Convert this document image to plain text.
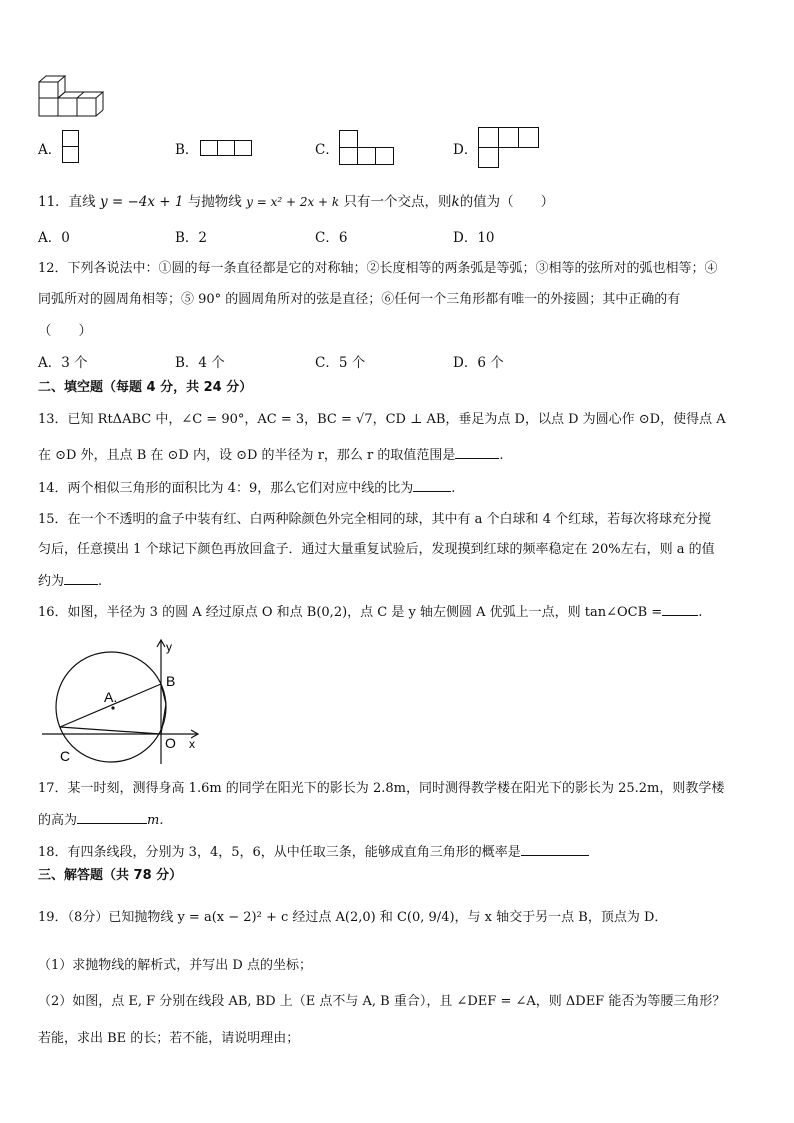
A．	B．	C．	D．
11．直线 y = −4x + 1 与抛物线 y = x² + 2x + k 只有一个交点，则k的值为（　　）
A．0	B．2	C．6	D．10
12．下列各说法中：①圆的每一条直径都是它的对称轴；②长度相等的两条弧是等弧；③相等的弦所对的弧也相等；④
同弧所对的圆周角相等；⑤ 90° 的圆周角所对的弦是直径；⑥任何一个三角形都有唯一的外接圆；其中正确的有
（　　）
A．3 个	B．4 个	C．5 个	D．6 个
二、填空题（每题 4 分，共 24 分）
13．已知 RtΔABC 中，∠C = 90°，AC = 3，BC = √7，CD ⊥ AB，垂足为点 D，以点 D 为圆心作 ⊙D，使得点 A
在 ⊙D 外，且点 B 在 ⊙D 内，设 ⊙D 的半径为 r，那么 r 的取值范围是	.
14．两个相似三角形的面积比为 4：9，那么它们对应中线的比为	.
15．在一个不透明的盒子中装有红、白两种除颜色外完全相同的球，其中有 a 个白球和 4 个红球，若每次将球充分搅
匀后，任意摸出 1 个球记下颜色再放回盒子．通过大量重复试验后，发现摸到红球的频率稳定在 20%左右，则 a 的值
约为	.
16．如图，半径为 3 的圆 A 经过原点 O 和点 B(0,2)，点 C 是 y 轴左侧圆 A 优弧上一点，则 tan∠OCB =	.
y
B
A.
O x
C
17．某一时刻，测得身高 1.6m 的同学在阳光下的影长为 2.8m，同时测得教学楼在阳光下的影长为 25.2m，则教学楼
的高为	m.
18．有四条线段，分别为 3，4，5，6，从中任取三条，能够成直角三角形的概率是
三、解答题（共 78 分）
19．（8分）已知抛物线 y = a(x − 2)² + c 经过点 A(2,0) 和 C(0, 9/4)，与 x 轴交于另一点 B，顶点为 D．
（1）求抛物线的解析式，并写出 D 点的坐标；
（2）如图，点 E, F 分别在线段 AB, BD 上（E 点不与 A, B 重合），且 ∠DEF = ∠A，则 ΔDEF 能否为等腰三角形？
若能，求出 BE 的长；若不能，请说明理由；
